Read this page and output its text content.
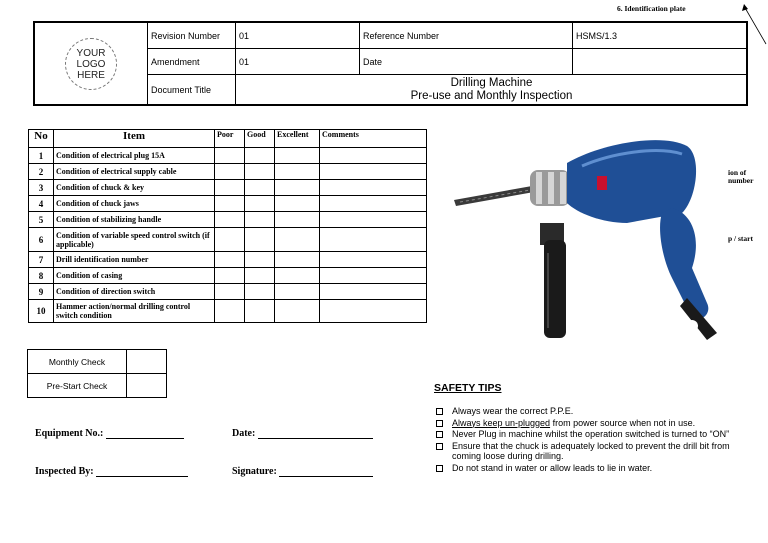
6. Identification plate
YOUR
LOGO
HERE
Revision Number	01	Reference Number	HSMS/1.3
Amendment	01	Date
Document Title
Drilling Machine
Pre-use and Monthly Inspection
No	Item	Poor	Good	Excellent	Comments
1	Condition of electrical plug 15A				
2	Condition of electrical supply cable				
3	Condition of chuck & key				
4	Condition of chuck jaws				
5	Condition of stabilizing handle				
6	Condition of variable speed control switch (if applicable)				
7	Drill identification number				
8	Condition of casing				
9	Condition of direction switch				
10	Hammer action/normal drilling control switch condition				
ion of number
p / start
Monthly Check	
Pre-Start Check	
Equipment No.:	Date:
Inspected By:	Signature:
SAFETY TIPS
Always wear the correct P.P.E.
Always keep un-plugged from power source when not in use.
Never Plug in machine whilst the operation switched is turned to “ON”
Ensure that the chuck is adequately locked to prevent the drill bit from coming loose during drilling.
Do not stand in water or allow leads to lie in water.
